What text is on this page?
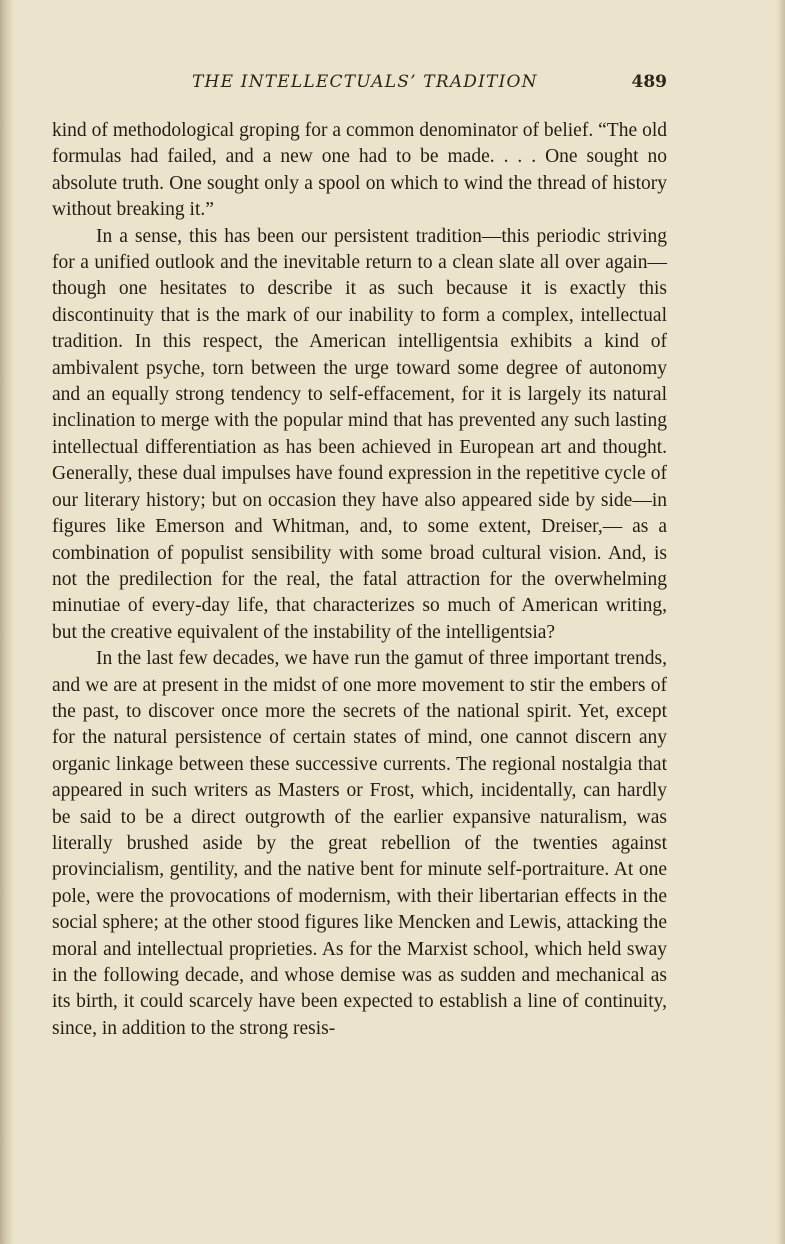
THE INTELLECTUALS’ TRADITION	489

kind of methodological groping for a common denominator of belief. “The old formulas had failed, and a new one had to be made. . . . One sought no absolute truth. One sought only a spool on which to wind the thread of history without breaking it.”

In a sense, this has been our persistent tradition—this periodic striving for a unified outlook and the inevitable return to a clean slate all over again—though one hesitates to describe it as such because it is exactly this discontinuity that is the mark of our inability to form a complex, intellectual tradition. In this respect, the American intelligentsia exhibits a kind of ambivalent psyche, torn between the urge toward some degree of autonomy and an equally strong tendency to self-effacement, for it is largely its natural inclination to merge with the popular mind that has prevented any such lasting intellectual differentiation as has been achieved in European art and thought. Generally, these dual impulses have found expression in the repetitive cycle of our literary history; but on occasion they have also appeared side by side—in figures like Emerson and Whitman, and, to some extent, Dreiser,— as a combination of populist sensibility with some broad cultural vision. And, is not the predilection for the real, the fatal attraction for the overwhelming minutiae of every-day life, that characterizes so much of American writing, but the creative equivalent of the instability of the intelligentsia?

In the last few decades, we have run the gamut of three important trends, and we are at present in the midst of one more movement to stir the embers of the past, to discover once more the secrets of the national spirit. Yet, except for the natural persistence of certain states of mind, one cannot discern any organic linkage between these successive currents. The regional nostalgia that appeared in such writers as Masters or Frost, which, incidentally, can hardly be said to be a direct outgrowth of the earlier expansive naturalism, was literally brushed aside by the great rebellion of the twenties against provincialism, gentility, and the native bent for minute self-portraiture. At one pole, were the provocations of modernism, with their libertarian effects in the social sphere; at the other stood figures like Mencken and Lewis, attacking the moral and intellectual proprieties. As for the Marxist school, which held sway in the following decade, and whose demise was as sudden and mechanical as its birth, it could scarcely have been expected to establish a line of continuity, since, in addition to the strong resis-
